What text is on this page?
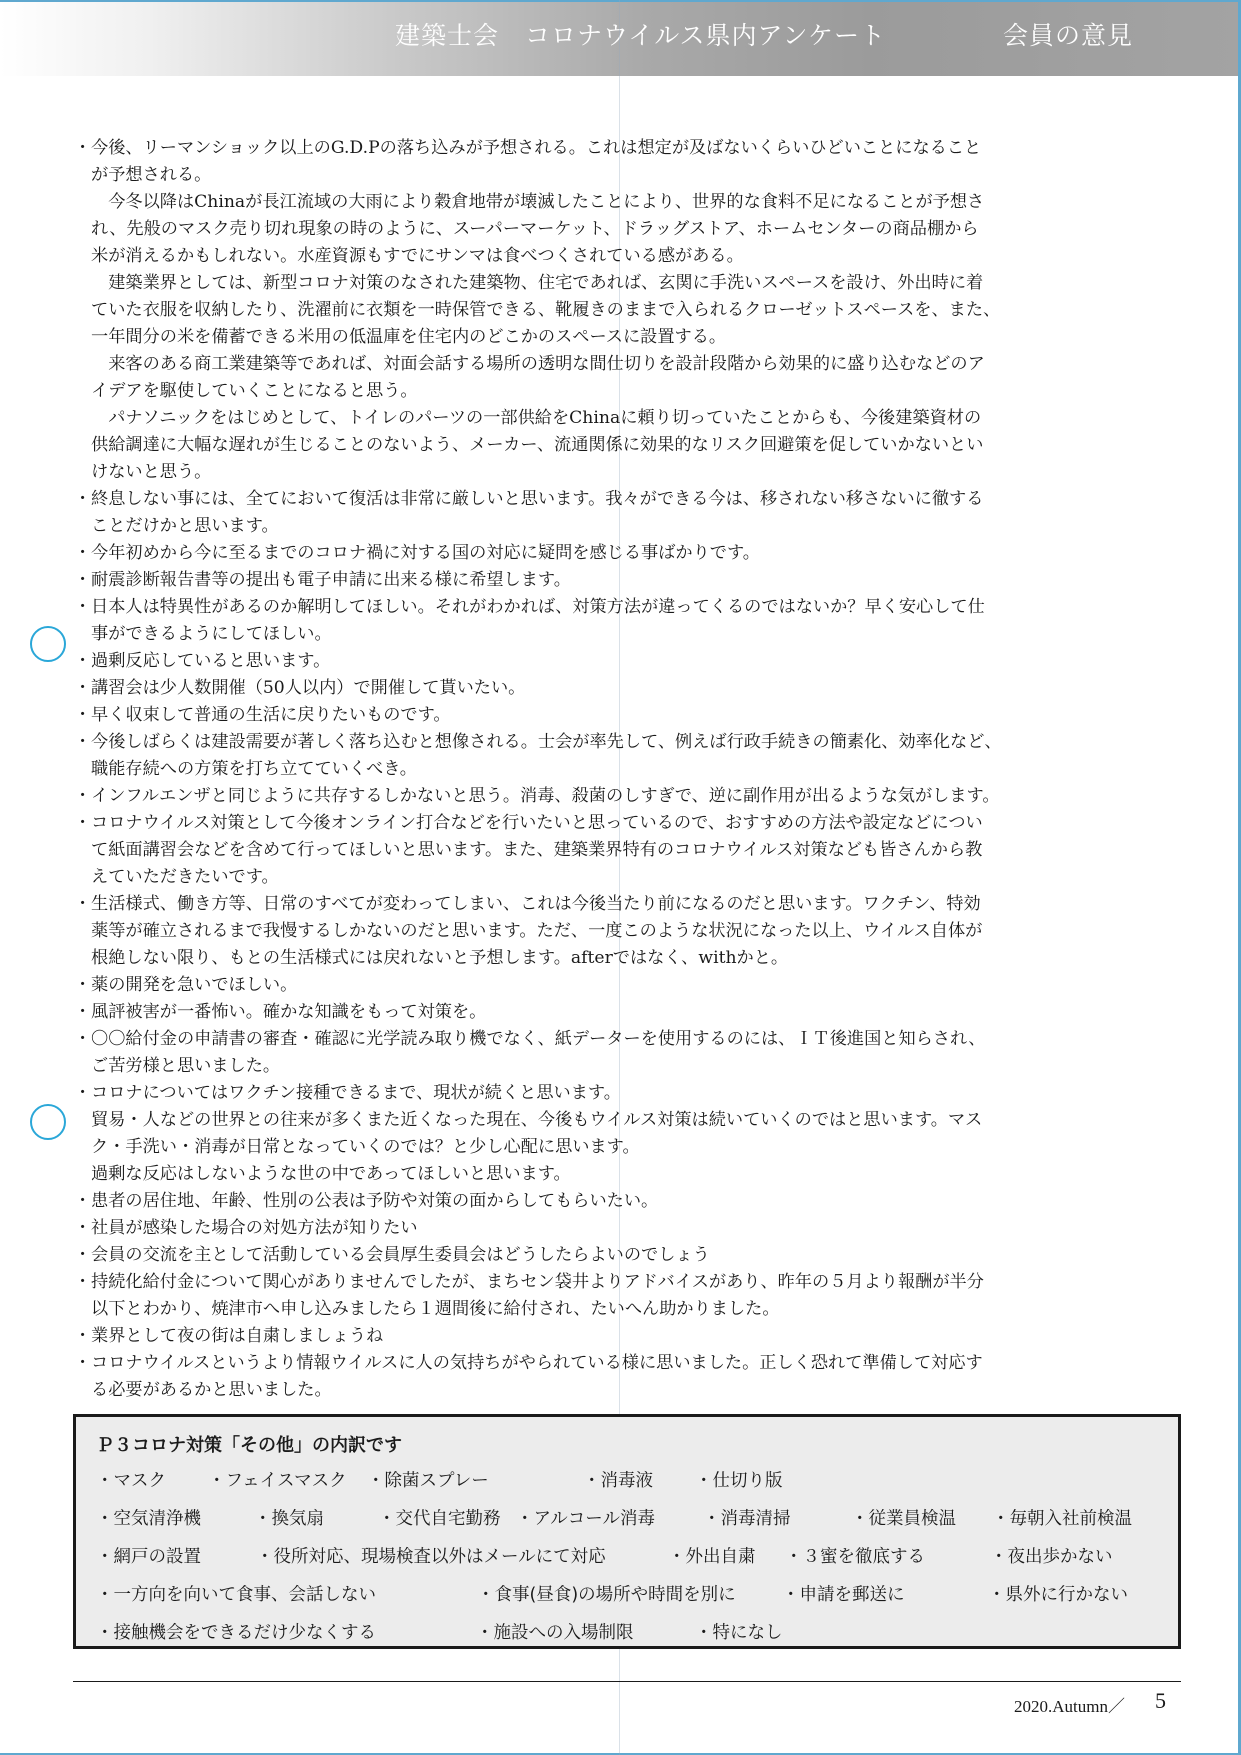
建築士会　コロナウイルス県内アンケート	会員の意見
・今後、リーマンショック以上のG.D.Pの落ち込みが予想される。これは想定が及ばないくらいひどいことになること
が予想される。
　今冬以降はChinaが長江流域の大雨により穀倉地帯が壊滅したことにより、世界的な食料不足になることが予想さ
れ、先般のマスク売り切れ現象の時のように、スーパーマーケット、ドラッグストア、ホームセンターの商品棚から
米が消えるかもしれない。水産資源もすでにサンマは食べつくされている感がある。
　建築業界としては、新型コロナ対策のなされた建築物、住宅であれば、玄関に手洗いスペースを設け、外出時に着
ていた衣服を収納したり、洗濯前に衣類を一時保管できる、靴履きのままで入られるクローゼットスペースを、また、
一年間分の米を備蓄できる米用の低温庫を住宅内のどこかのスペースに設置する。
　来客のある商工業建築等であれば、対面会話する場所の透明な間仕切りを設計段階から効果的に盛り込むなどのア
イデアを駆使していくことになると思う。
　パナソニックをはじめとして、トイレのパーツの一部供給をChinaに頼り切っていたことからも、今後建築資材の
供給調達に大幅な遅れが生じることのないよう、メーカー、流通関係に効果的なリスク回避策を促していかないとい
けないと思う。
・終息しない事には、全てにおいて復活は非常に厳しいと思います。我々ができる今は、移されない移さないに徹する
ことだけかと思います。
・今年初めから今に至るまでのコロナ禍に対する国の対応に疑問を感じる事ばかりです。
・耐震診断報告書等の提出も電子申請に出来る様に希望します。
・日本人は特異性があるのか解明してほしい。それがわかれば、対策方法が違ってくるのではないか？早く安心して仕
事ができるようにしてほしい。
・過剰反応していると思います。
・講習会は少人数開催（50人以内）で開催して貰いたい。
・早く収束して普通の生活に戻りたいものです。
・今後しばらくは建設需要が著しく落ち込むと想像される。士会が率先して、例えば行政手続きの簡素化、効率化など、
職能存続への方策を打ち立てていくべき。
・インフルエンザと同じように共存するしかないと思う。消毒、殺菌のしすぎで、逆に副作用が出るような気がします。
・コロナウイルス対策として今後オンライン打合などを行いたいと思っているので、おすすめの方法や設定などについ
て紙面講習会などを含めて行ってほしいと思います。また、建築業界特有のコロナウイルス対策なども皆さんから教
えていただきたいです。
・生活様式、働き方等、日常のすべてが変わってしまい、これは今後当たり前になるのだと思います。ワクチン、特効
薬等が確立されるまで我慢するしかないのだと思います。ただ、一度このような状況になった以上、ウイルス自体が
根絶しない限り、もとの生活様式には戻れないと予想します。afterではなく、withかと。
・薬の開発を急いでほしい。
・風評被害が一番怖い。確かな知識をもって対策を。
・〇〇給付金の申請書の審査・確認に光学読み取り機でなく、紙データーを使用するのには、ＩＴ後進国と知らされ、
ご苦労様と思いました。
・コロナについてはワクチン接種できるまで、現状が続くと思います。
貿易・人などの世界との往来が多くまた近くなった現在、今後もウイルス対策は続いていくのではと思います。マス
ク・手洗い・消毒が日常となっていくのでは？と少し心配に思います。
過剰な反応はしないような世の中であってほしいと思います。
・患者の居住地、年齢、性別の公表は予防や対策の面からしてもらいたい。
・社員が感染した場合の対処方法が知りたい
・会員の交流を主として活動している会員厚生委員会はどうしたらよいのでしょう
・持続化給付金について関心がありませんでしたが、まちセン袋井よりアドバイスがあり、昨年の５月より報酬が半分
以下とわかり、焼津市へ申し込みましたら１週間後に給付され、たいへん助かりました。
・業界として夜の街は自粛しましょうね
・コロナウイルスというより情報ウイルスに人の気持ちがやられている様に思いました。正しく恐れて準備して対応す
る必要があるかと思いました。
Ｐ３コロナ対策「その他」の内訳です
・マスク ・フェイスマスク ・除菌スプレー	・消毒液 ・仕切り版
・空気清浄機	・換気扇	・交代自宅勤務 ・アルコール消毒	・消毒清掃	・従業員検温 ・毎朝入社前検温
・網戸の設置	・役所対応、現場検査以外はメールにて対応	・外出自粛 ・３蜜を徹底する	・夜出歩かない
・一方向を向いて食事、会話しない	・食事(昼食)の場所や時間を別に	・申請を郵送に	・県外に行かない
・接触機会をできるだけ少なくする	・施設への入場制限	・特になし
2020.Autumn／ 5
